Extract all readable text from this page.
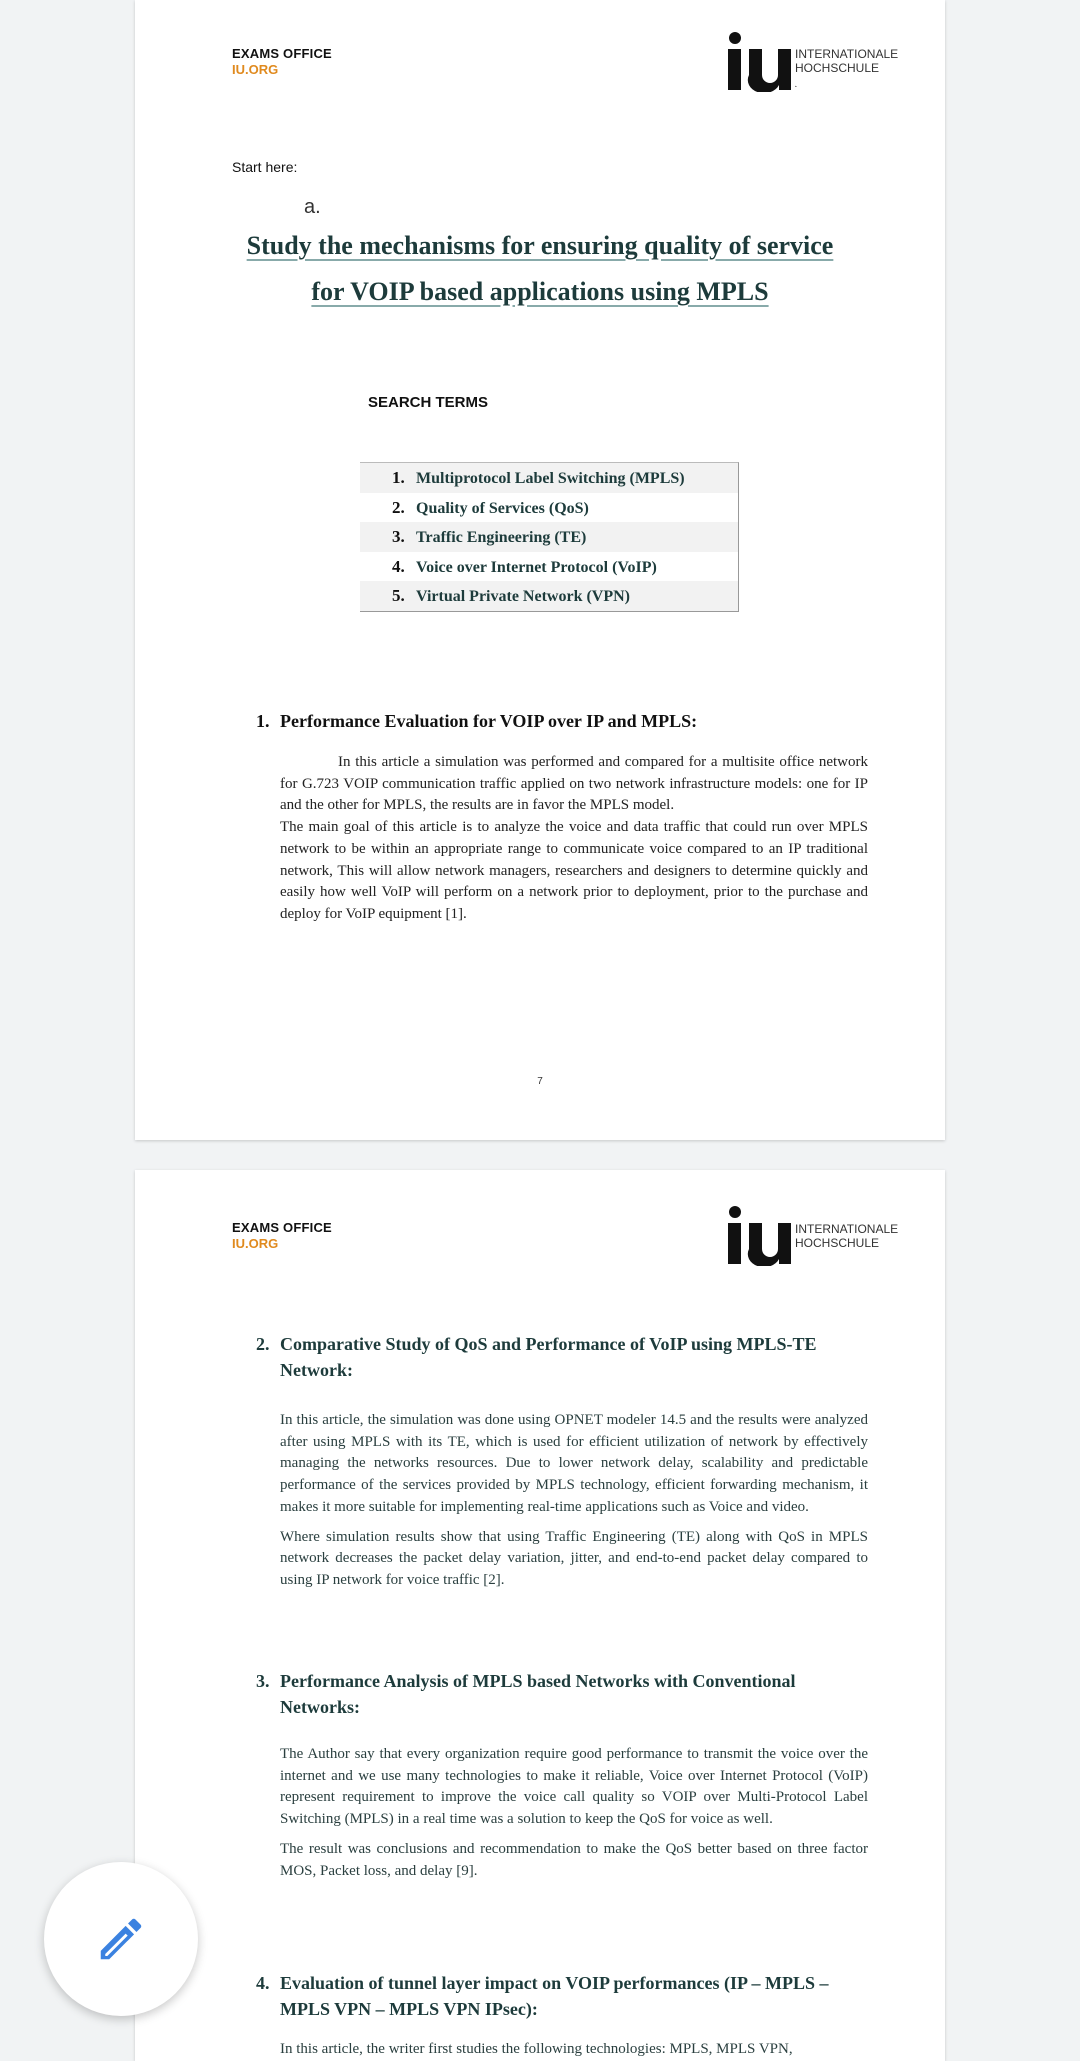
EXAMS OFFICE
IU.ORG
iu
INTERNATIONALE
HOCHSCHULE
Start here:
a.
Study the mechanisms for ensuring quality of service
for VOIP based applications using MPLS
SEARCH TERMS
1. Multiprotocol Label Switching (MPLS)
2. Quality of Services (QoS)
3. Traffic Engineering (TE)
4. Voice over Internet Protocol (VoIP)
5. Virtual Private Network (VPN)
1. Performance Evaluation for VOIP over IP and MPLS:
In this article a simulation was performed and compared for a multisite office network for G.723 VOIP communication traffic applied on two network infrastructure models: one for IP and the other for MPLS, the results are in favor the MPLS model.
The main goal of this article is to analyze the voice and data traffic that could run over MPLS network to be within an appropriate range to communicate voice compared to an IP traditional network, This will allow network managers, researchers and designers to determine quickly and easily how well VoIP will perform on a network prior to deployment, prior to the purchase and deploy for VoIP equipment [1].
7
EXAMS OFFICE
IU.ORG
INTERNATIONALE
HOCHSCHULE
2. Comparative Study of QoS and Performance of VoIP using MPLS-TE Network:
In this article, the simulation was done using OPNET modeler 14.5 and the results were analyzed after using MPLS with its TE, which is used for efficient utilization of network by effectively managing the networks resources. Due to lower network delay, scalability and predictable performance of the services provided by MPLS technology, efficient forwarding mechanism, it makes it more suitable for implementing real-time applications such as Voice and video.
Where simulation results show that using Traffic Engineering (TE) along with QoS in MPLS network decreases the packet delay variation, jitter, and end-to-end packet delay compared to using IP network for voice traffic [2].
3. Performance Analysis of MPLS based Networks with Conventional Networks:
The Author say that every organization require good performance to transmit the voice over the internet and we use many technologies to make it reliable, Voice over Internet Protocol (VoIP) represent requirement to improve the voice call quality so VOIP over Multi-Protocol Label Switching (MPLS) in a real time was a solution to keep the QoS for voice as well.
The result was conclusions and recommendation to make the QoS better based on three factor MOS, Packet loss, and delay [9].
4. Evaluation of tunnel layer impact on VOIP performances (IP – MPLS – MPLS VPN – MPLS VPN IPsec):
In this article, the writer first studies the following technologies: MPLS, MPLS VPN,
